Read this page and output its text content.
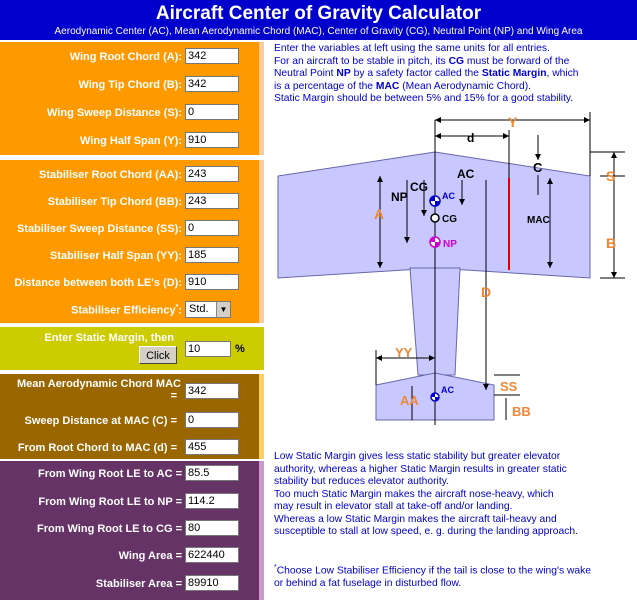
Aircraft Center of Gravity Calculator
Aerodynamic Center (AC), Mean Aerodynamic Chord (MAC), Center of Gravity (CG), Neutral Point (NP) and Wing Area
Wing Root Chord (A):
342
Wing Tip Chord (B):
342
Wing Sweep Distance (S):
0
Wing Half Span (Y):
910
Stabiliser Root Chord (AA):
243
Stabiliser Tip Chord (BB):
243
Stabiliser Sweep Distance (SS):
0
Stabiliser Half Span (YY):
185
Distance between both LE's (D):
910
Stabiliser Efficiency*: Std.	▼
Enter Static Margin, then
Click
10
%
Mean Aerodynamic Chord MAC
=
342
Sweep Distance at MAC (C) =
0
From Root Chord to MAC (d) =
455
From Wing Root LE to AC =
85.5
From Wing Root LE to NP =
114.2
From Wing Root LE to CG =
80
Wing Area =
622440
Stabiliser Area =
89910
Enter the variables at left using the same units for all entries.
For an aircraft to be stable in pitch, its CG must be forward of the
Neutral Point NP by a safety factor called the Static Margin, which
is a percentage of the MAC (Mean Aerodynamic Chord).
Static Margin should be between 5% and 15% for a good stability.
Y
d
C
S
B
A
NP
CG
AC
AC
CG
NP
MAC
D
YY
SS
AA
BB
AC
Low Static Margin gives less static stability but greater elevator
authority, whereas a higher Static Margin results in greater static
stability but reduces elevator authority.
Too much Static Margin makes the aircraft nose-heavy, which
may result in elevator stall at take-off and/or landing.
Whereas a low Static Margin makes the aircraft tail-heavy and
susceptible to stall at low speed, e. g. during the landing approach.
*Choose Low Stabiliser Efficiency if the tail is close to the wing's wake
or behind a fat fuselage in disturbed flow.
